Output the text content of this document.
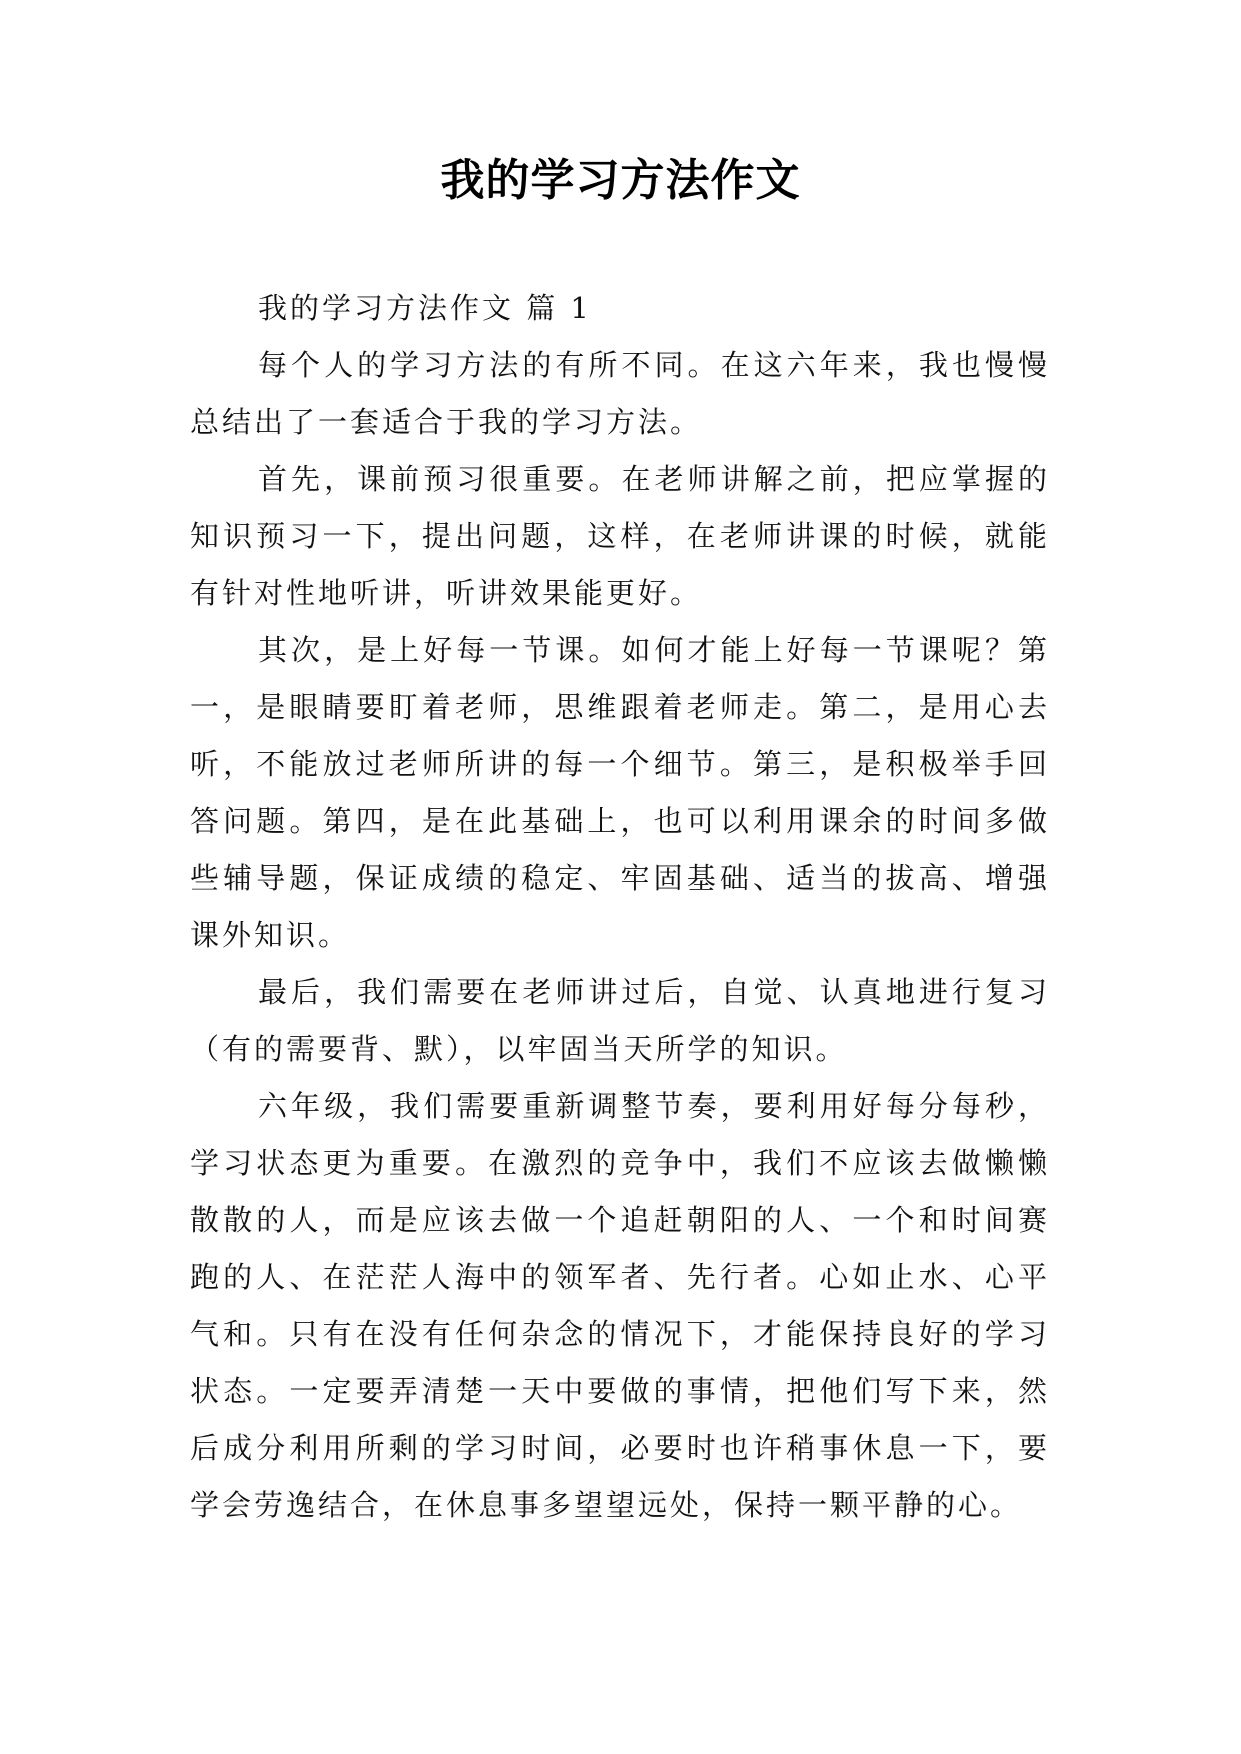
我的学习方法作文

我的学习方法作文 篇 1

每个人的学习方法的有所不同。在这六年来，我也慢慢总结出了一套适合于我的学习方法。

首先，课前预习很重要。在老师讲解之前，把应掌握的知识预习一下，提出问题，这样，在老师讲课的时候，就能有针对性地听讲，听讲效果能更好。

其次，是上好每一节课。如何才能上好每一节课呢？第一，是眼睛要盯着老师，思维跟着老师走。第二，是用心去听，不能放过老师所讲的每一个细节。第三，是积极举手回答问题。第四，是在此基础上，也可以利用课余的时间多做些辅导题，保证成绩的稳定、牢固基础、适当的拔高、增强课外知识。

最后，我们需要在老师讲过后，自觉、认真地进行复习（有的需要背、默），以牢固当天所学的知识。

六年级，我们需要重新调整节奏，要利用好每分每秒，学习状态更为重要。在激烈的竞争中，我们不应该去做懒懒散散的人，而是应该去做一个追赶朝阳的人、一个和时间赛跑的人、在茫茫人海中的领军者、先行者。心如止水、心平气和。只有在没有任何杂念的情况下，才能保持良好的学习状态。一定要弄清楚一天中要做的事情，把他们写下来，然后成分利用所剩的学习时间，必要时也许稍事休息一下，要学会劳逸结合，在休息事多望望远处，保持一颗平静的心。
